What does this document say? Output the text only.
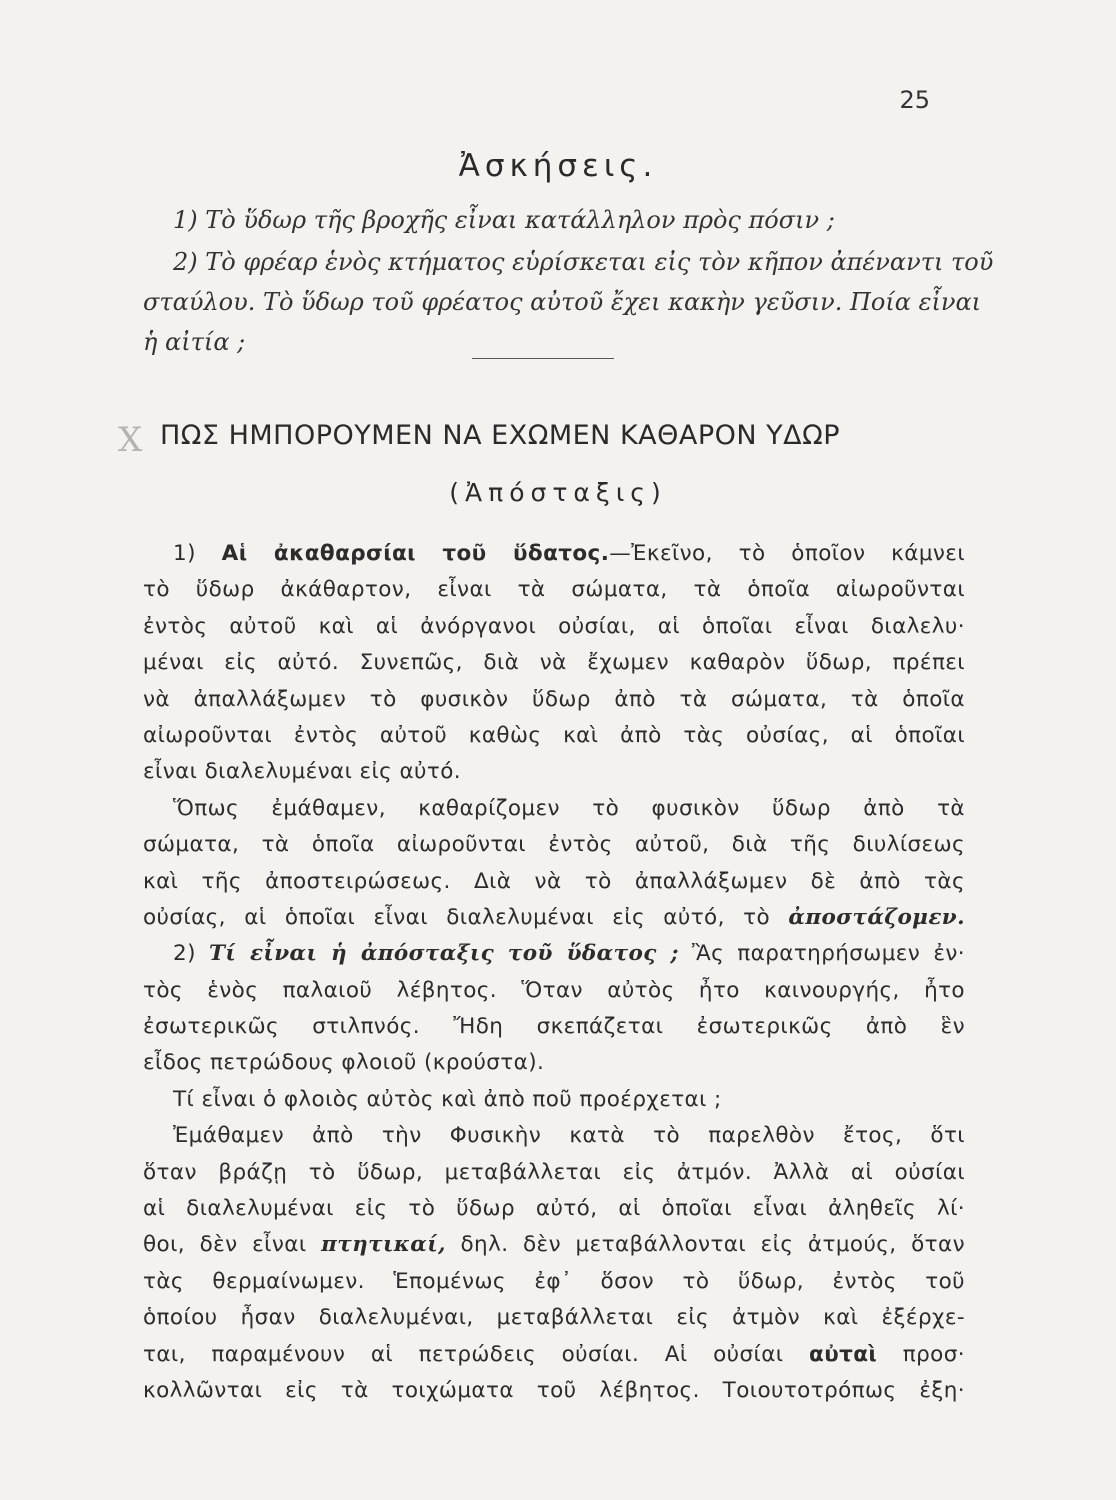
25
Ἀσκήσεις.
1) Τὸ ὕδωρ τῆς βροχῆς εἶναι κατάλληλον πρὸς πόσιν ;
2) Τὸ φρέαρ ἑνὸς κτήματος εὑρίσκεται εἰς τὸν κῆπον ἀπέναντι τοῦ
σταύλου. Τὸ ὕδωρ τοῦ φρέατος αὐτοῦ ἔχει κακὴν γεῦσιν. Ποία εἶναι
ἡ αἰτία ;
X ΠΩΣ ΗΜΠΟΡΟΥΜΕΝ ΝΑ ΕΧΩΜΕΝ ΚΑΘΑΡΟΝ ΥΔΩΡ
(Ἀπόσταξις)
1) Αἱ ἀκαθαρσίαι τοῦ ὕδατος.—Ἐκεῖνο, τὸ ὁποῖον κάμνει
τὸ ὕδωρ ἀκάθαρτον, εἶναι τὰ σώματα, τὰ ὁποῖα αἰωροῦνται
ἐντὸς αὐτοῦ καὶ αἱ ἀνόργανοι οὐσίαι, αἱ ὁποῖαι εἶναι διαλελυ·
μέναι εἰς αὐτό. Συνεπῶς, διὰ νὰ ἔχωμεν καθαρὸν ὕδωρ, πρέπει
νὰ ἀπαλλάξωμεν τὸ φυσικὸν ὕδωρ ἀπὸ τὰ σώματα, τὰ ὁποῖα
αἰωροῦνται ἐντὸς αὐτοῦ καθὼς καὶ ἀπὸ τὰς οὐσίας, αἱ ὁποῖαι
εἶναι διαλελυμέναι εἰς αὐτό.
Ὅπως ἐμάθαμεν, καθαρίζομεν τὸ φυσικὸν ὕδωρ ἀπὸ τὰ
σώματα, τὰ ὁποῖα αἰωροῦνται ἐντὸς αὐτοῦ, διὰ τῆς διυλίσεως
καὶ τῆς ἀποστειρώσεως. Διὰ νὰ τὸ ἀπαλλάξωμεν δὲ ἀπὸ τὰς
οὐσίας, αἱ ὁποῖαι εἶναι διαλελυμέναι εἰς αὐτό, τὸ ἀποστάζομεν.
2) Τί εἶναι ἡ ἀπόσταξις τοῦ ὕδατος ; Ἂς παρατηρήσωμεν ἐν·
τὸς ἑνὸς παλαιοῦ λέβητος. Ὅταν αὐτὸς ἦτο καινουργής, ἦτο
ἐσωτερικῶς στιλπνός. Ἤδη σκεπάζεται ἐσωτερικῶς ἀπὸ ἓν
εἶδος πετρώδους φλοιοῦ (κρούστα).
Τί εἶναι ὁ φλοιὸς αὐτὸς καὶ ἀπὸ ποῦ προέρχεται ;
Ἐμάθαμεν ἀπὸ τὴν Φυσικὴν κατὰ τὸ παρελθὸν ἔτος, ὅτι
ὅταν βράζῃ τὸ ὕδωρ, μεταβάλλεται εἰς ἀτμόν. Ἀλλὰ αἱ οὐσίαι
αἱ διαλελυμέναι εἰς τὸ ὕδωρ αὐτό, αἱ ὁποῖαι εἶναι ἀληθεῖς λί·
θοι, δὲν εἶναι πτητικαί, δηλ. δὲν μεταβάλλονται εἰς ἀτμούς, ὅταν
τὰς θερμαίνωμεν. Ἑπομένως ἐφ᾽ ὅσον τὸ ὕδωρ, ἐντὸς τοῦ
ὁποίου ἦσαν διαλελυμέναι, μεταβάλλεται εἰς ἀτμὸν καὶ ἐξέρχε-
ται, παραμένουν αἱ πετρώδεις οὐσίαι. Αἱ οὐσίαι αὐταὶ προσ·
κολλῶνται εἰς τὰ τοιχώματα τοῦ λέβητος. Τοιουτοτρόπως ἐξη·
